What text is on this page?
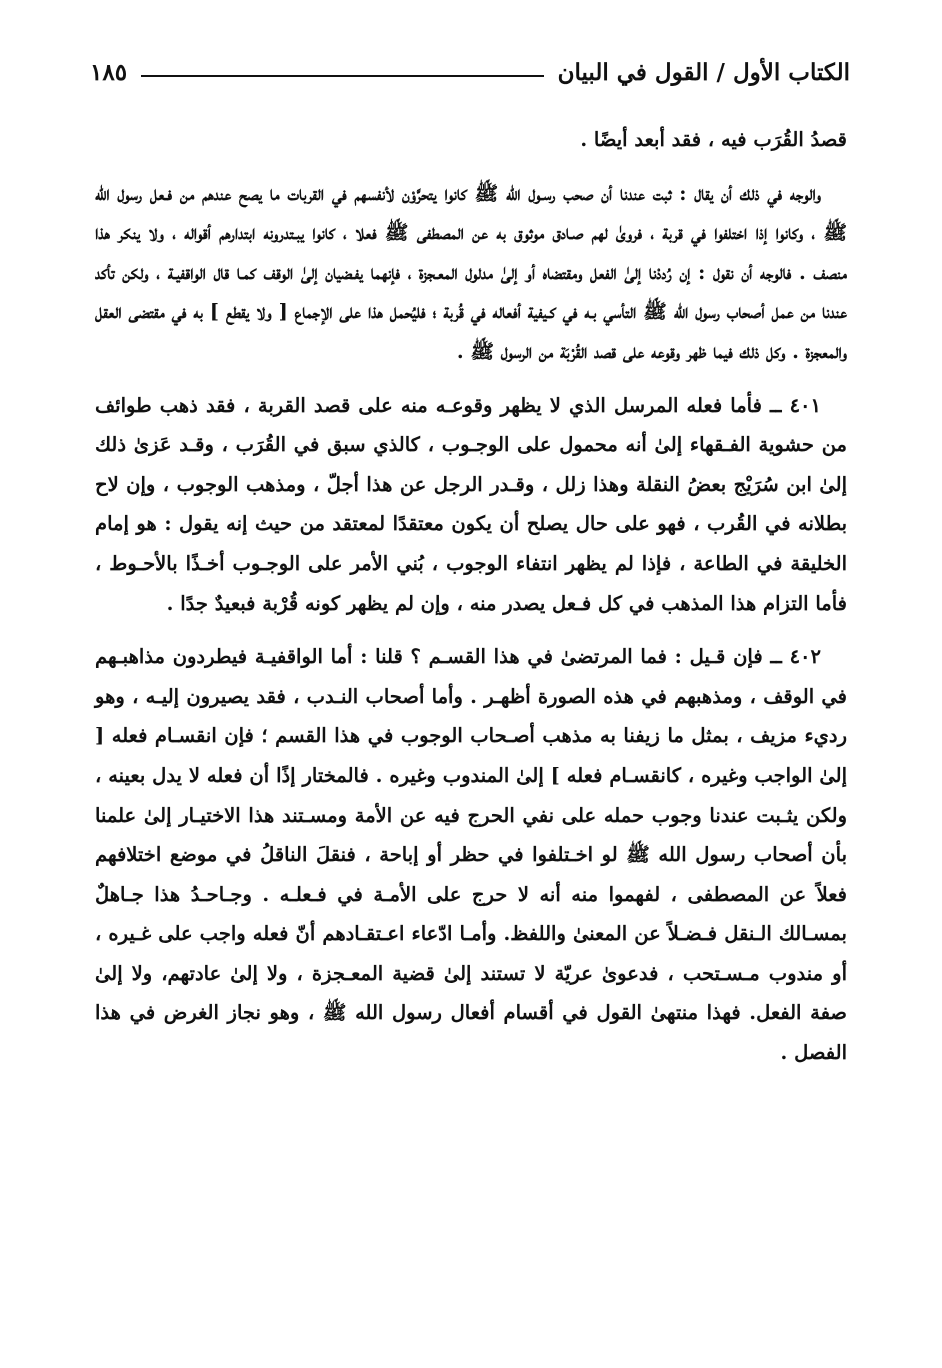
الكتاب الأول / القول في البيان
١٨٥

قصدُ القُرَب فيه ، فقد أبعد أيضًا .

والوجه في ذلك أن يقال : ثبت عندنا أن صحب رسـول الله ﷺ كانوا يتحرَّوْن لأنفسهم في القربات ما يصح عندهم من فـعل رسول الله ﷺ ، وكانوا إذا اختلفوا في قربة ، فروىٰ لهم صـادق موثوق به عن المصطفى ﷺ فعلا ، كانوا يبـتدرونه ابتدارهم أقواله ، ولا ينكر هذا منصف . فالوجه أن نقول : إن رُددْنا إلىٰ الفعل ومقتضاه أو إلىٰ مدلول المعـجزة ، فإنهما يفـضيان إلىٰ الوقف كمـا قال الواقفيـة ، ولكن تأكد عندنا من عمل أصحاب رسول الله ﷺ التأسي بـه في كـيفية أفعاله في قُربة ؛ فليُحمل هذا على الإجماع [ ولا يقطع ] به في مقتضى العقل والمعجزة . وكل ذلك فيما ظهر وقوعه على قصد القُرْبَة من الرسول ﷺ .

٤٠١ ــ فأما فعله المرسل الذي لا يظهر وقوعـه منه على قصد القربة ، فقد ذهب طوائف من حشوية الفـقهاء إلىٰ أنه محمول على الوجـوب ، كالذي سبق في القُرَب ، وقـد عَزىٰ ذلك إلىٰ ابن سُرَيْج بعضُ النقلة وهذا زلل ، وقـدر الرجل عن هذا أجلّ ، ومذهب الوجوب ، وإن لاح بطلانه في القُرب ، فهو على حال يصلح أن يكون معتقدًا لمعتقد من حيث إنه يقول : هو إمام الخليقة في الطاعة ، فإذا لم يظهر انتفاء الوجوب ، بُني الأمر على الوجـوب أخـذًا بالأحـوط ، فأما التزام هذا المذهب في كل فـعل يصدر منه ، وإن لم يظهر كونه قُرْبة فبعيدٌ جدًا .

٤٠٢ ــ فإن قـيل : فما المرتضىٰ في هذا القسـم ؟ قلنا : أما الواقفيـة فيطردون مذاهبـهم في الوقف ، ومذهبهم في هذه الصورة أظهـر . وأما أصحاب النـدب ، فقد يصيرون إليـه ، وهو رديء مزيف ، بمثل ما زيفنا به مذهب أصـحاب الوجوب في هذا القسم ؛ فإن انقسـام فعله [ إلىٰ الواجب وغيره ، كانقسـام فعله ] إلىٰ المندوب وغيره . فالمختار إذًا أن فعله لا يدل بعينه ، ولكن يثـبت عندنا وجوب حمله على نفي الحرج فيه عن الأمة ومسـتند هذا الاختيـار إلىٰ علمنا بأن أصحاب رسول الله ﷺ لو اخـتلفوا في حظر أو إباحة ، فنقلَ الناقلُ في موضع اختلافهم فعلاً عن المصطفى ، لفهموا منه أنه لا حرج على الأمـة في فـعلـه . وجـاحـدُ هذا جـاهلٌ بمسـالك الـنقل فـضـلاً عن المعنىٰ واللفظ. وأمـا ادّعاء اعـتقـادهم أنّ فعله واجب على غـيره ، أو مندوب مـسـتحب ، فدعوىٰ عريّة لا تستند إلىٰ قضية المعـجزة ، ولا إلىٰ عادتهم، ولا إلىٰ صفة الفعل. فهذا منتهىٰ القول في أقسام أفعال رسول الله ﷺ ، وهو نجاز الغرض في هذا الفصل .
